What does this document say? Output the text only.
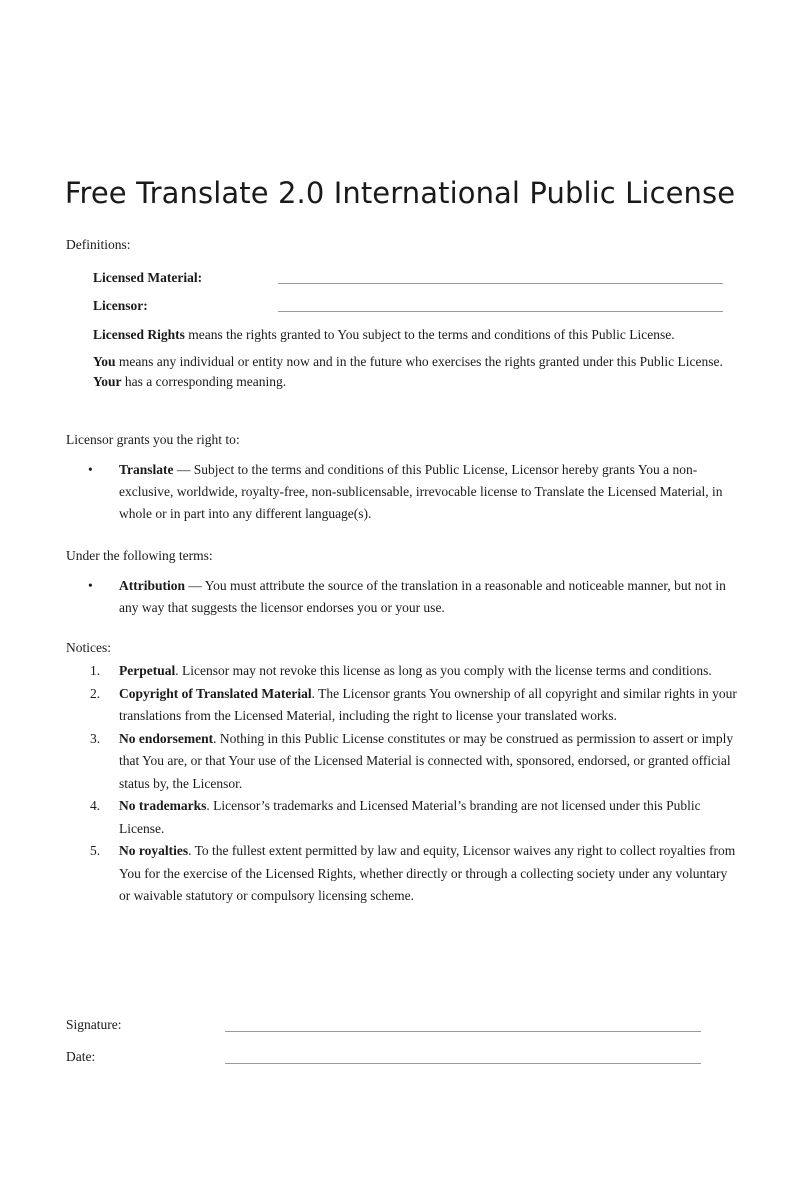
Free Translate 2.0 International Public License
Definitions:
Licensed Material:
Licensor:

Licensed Rights means the rights granted to You subject to the terms and conditions of this Public License.

You means any individual or entity now and in the future who exercises the rights granted under this Public License. Your has a corresponding meaning.

Licensor grants you the right to:
•	Translate — Subject to the terms and conditions of this Public License, Licensor hereby grants You a non-exclusive, worldwide, royalty-free, non-sublicensable, irrevocable license to Translate the Licensed Material, in whole or in part into any different language(s).
Under the following terms:
•	Attribution — You must attribute the source of the translation in a reasonable and noticeable manner, but not in any way that suggests the licensor endorses you or your use.
Notices:
1. Perpetual. Licensor may not revoke this license as long as you comply with the license terms and conditions.
2. Copyright of Translated Material. The Licensor grants You ownership of all copyright and similar rights in your translations from the Licensed Material, including the right to license your translated works.
3. No endorsement. Nothing in this Public License constitutes or may be construed as permission to assert or imply that You are, or that Your use of the Licensed Material is connected with, sponsored, endorsed, or granted official status by, the Licensor.
4. No trademarks. Licensor’s trademarks and Licensed Material’s branding are not licensed under this Public License.
5. No royalties. To the fullest extent permitted by law and equity, Licensor waives any right to collect royalties from You for the exercise of the Licensed Rights, whether directly or through a collecting society under any voluntary or waivable statutory or compulsory licensing scheme.
Signature:
Date:
